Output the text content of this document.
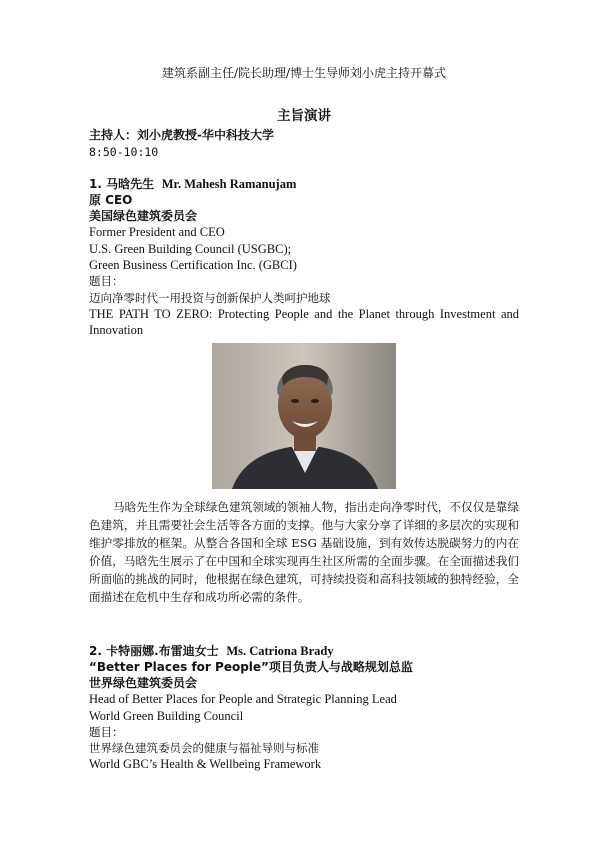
建筑系副主任/院长助理/博士生导师刘小虎主持开幕式
主旨演讲
主持人：刘小虎教授-华中科技大学
8:50-10:10
1. 马晗先生 Mr. Mahesh Ramanujam
原 CEO
美国绿色建筑委员会
Former President and CEO
U.S. Green Building Council (USGBC);
Green Business Certification Inc. (GBCI)
题目：
迈向净零时代一用投资与创新保护人类呵护地球
THE PATH TO ZERO: Protecting People and the Planet through Investment and
Innovation
马晗先生作为全球绿色建筑领域的领袖人物，指出走向净零时代，不仅仅是靠绿色建筑，并且需要社会生活等各方面的支撑。他与大家分享了详细的多层次的实现和维护零排放的框架。从整合各国和全球 ESG 基础设施，到有效传达脱碳努力的内在价值，马晗先生展示了在中国和全球实现再生社区所需的全面步骤。在全面描述我们所面临的挑战的同时，他根据在绿色建筑，可持续投资和高科技领域的独特经验，全面描述在危机中生存和成功所必需的条件。
2. 卡特丽娜.布雷迪女士 Ms. Catriona Brady
“Better Places for People”项目负责人与战略规划总监
世界绿色建筑委员会
Head of Better Places for People and Strategic Planning Lead
World Green Building Council
题目：
世界绿色建筑委员会的健康与福祉导则与标准
World GBC’s Health & Wellbeing Framework
